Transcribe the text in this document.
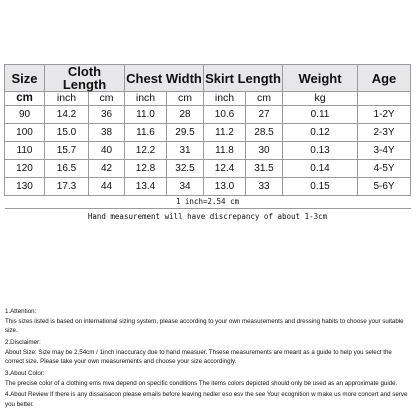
Size	Cloth Length		Chest Width		Skirt Length		Weight	Age
cm	inch	cm	inch	cm	inch	cm	kg	
90	14.2	36	11.0	28	10.6	27	0.11	1-2Y
100	15.0	38	11.6	29.5	11.2	28.5	0.12	2-3Y
110	15.7	40	12.2	31	11.8	30	0.13	3-4Y
120	16.5	42	12.8	32.5	12.4	31.5	0.14	4-5Y
130	17.3	44	13.4	34	13.0	33	0.15	5-6Y
1 inch=2.54 cm								
Hand measurement will have discrepancy of about 1-3cm								

1.Attention:

This sizes listed is based on international sizing system, please according to your own measurements and dressing habits to choose your suitable size.

2.Disclaimer:

About Size: Size may be 2.54cm / 1inch inaccuracy due to hand measuer. Thsese measurements are meant as a guide to help you select the correct size. Please take your own measurements and choose your size accordingly.

3.About Color:

The precise color of a clothing ems mva depend on specific conditions The items colors depicted should only be used as an approximate guide.

4.About Review If there is any dissaisacon please emails before leaving nedler eso esv the see Your ecognition w make us more concert and serve you better.
